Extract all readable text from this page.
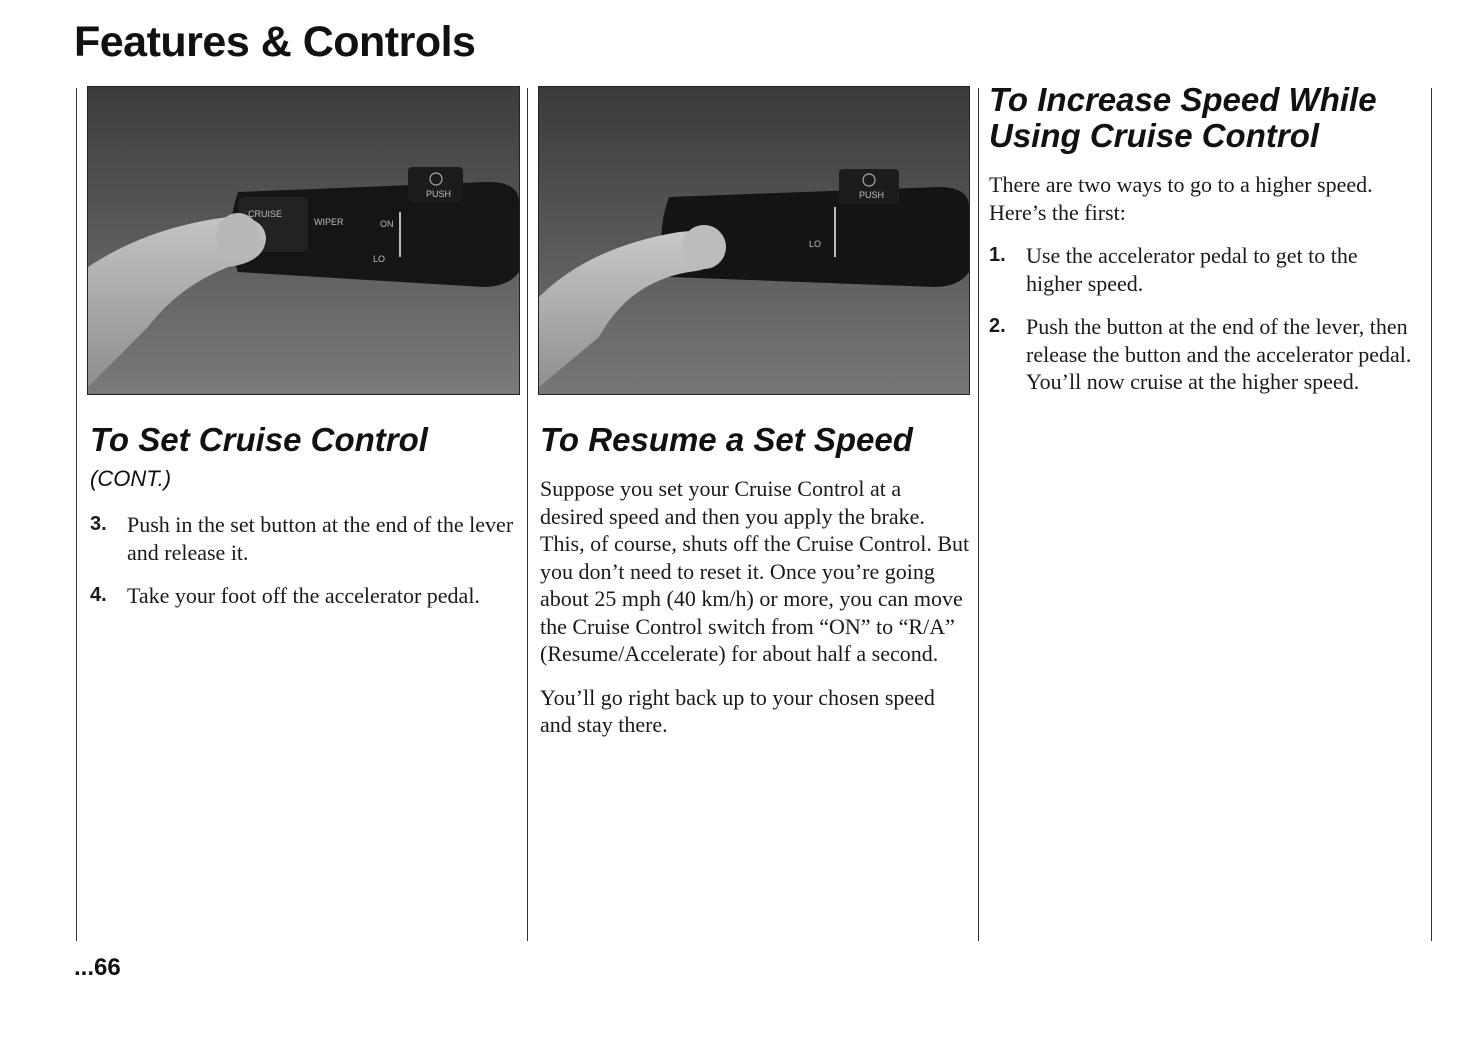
Features & Controls
PUSH
CRUISE
WIPER	ON
LO
PUSH
LO
To Set Cruise Control
(CONT.)
3. Push in the set button at the end of the lever and release it.
4. Take your foot off the accelerator pedal.
To Resume a Set Speed

Suppose you set your Cruise Control at a desired speed and then you apply the brake. This, of course, shuts off the Cruise Control. But you don’t need to reset it. Once you’re going about 25 mph (40 km/h) or more, you can move the Cruise Control switch from “ON” to “R/A” (Resume/Accelerate) for about half a second.

You’ll go right back up to your chosen speed and stay there.

To Increase Speed While Using Cruise Control

There are two ways to go to a higher speed. Here’s the first:

1. Use the accelerator pedal to get to the higher speed.
2. Push the button at the end of the lever, then release the button and the accelerator pedal. You’ll now cruise at the higher speed.
...66
